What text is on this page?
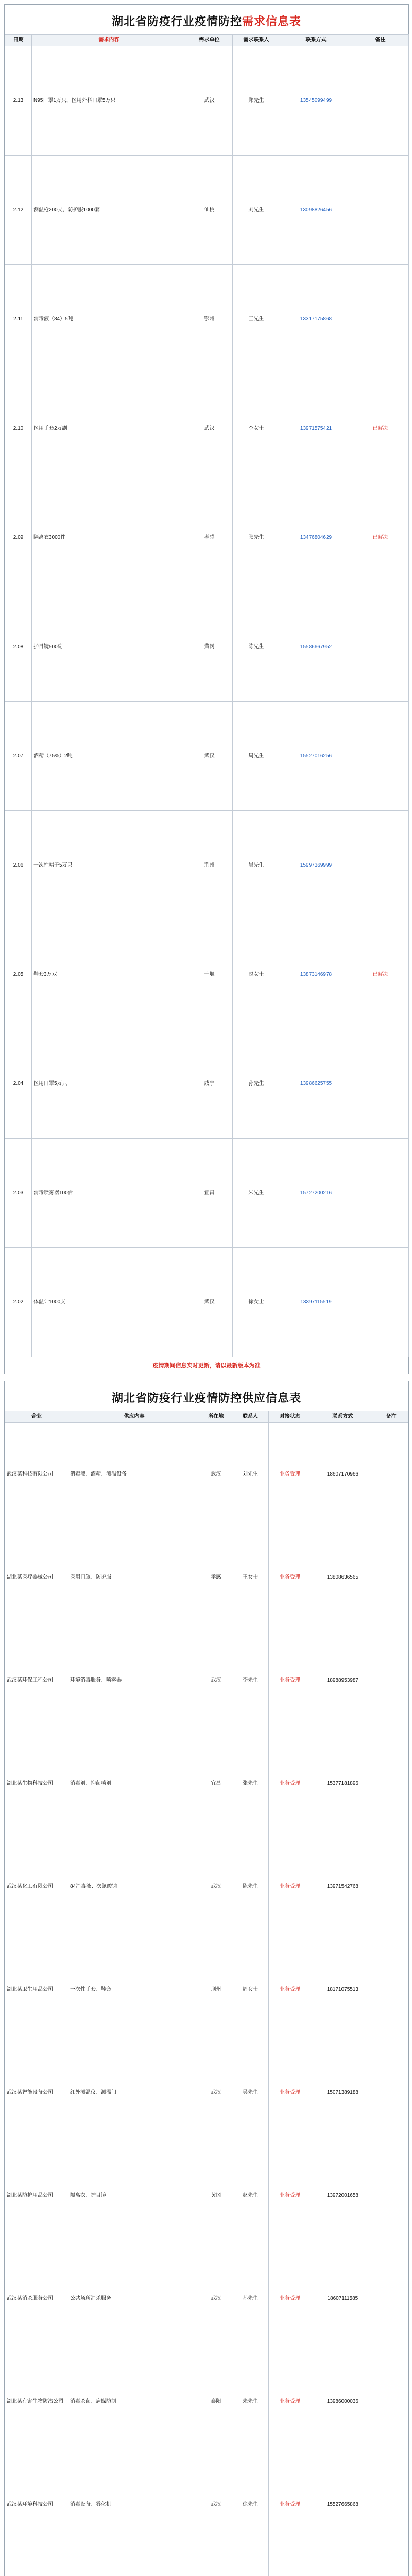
湖北省防疫行业疫情防控需求信息表
日期	需求内容	需求单位	需求联系人	联系方式	备注
2.13	N95口罩1万只，医用外科口罩5万只	武汉	郑先生	13545099499	
2.12	测温枪200支，防护服1000套	仙桃	刘先生	13098826456	
2.11	消毒液（84）5吨	鄂州	王先生	13317175868	
2.10	医用手套2万副	武汉	李女士	13971575421	已解决
2.09	隔离衣3000件	孝感	张先生	13476804629	已解决
2.08	护目镜500副	黄冈	陈先生	15586667952	
2.07	酒精（75%）2吨	武汉	周先生	15527016256	
2.06	一次性帽子5万只	荆州	吴先生	15997369999	
2.05	鞋套3万双	十堰	赵女士	13873146978	已解决
2.04	医用口罩5万只	咸宁	孙先生	13986625755	
2.03	消毒喷雾器100台	宜昌	朱先生	15727200216	
2.02	体温计1000支	武汉	徐女士	13397115519	
疫情期间信息实时更新，请以最新版本为准
湖北省防疫行业疫情防控供应信息表
企业	供应内容	所在地	联系人	对接状态	联系方式	备注
武汉某科技有限公司	消毒液、酒精、测温设备	武汉	刘先生	业务受理	18607170966	
湖北某医疗器械公司	医用口罩、防护服	孝感	王女士	业务受理	13808636565	
武汉某环保工程公司	环境消毒服务、喷雾器	武汉	李先生	业务受理	18988953987	
湖北某生物科技公司	消毒剂、抑菌喷剂	宜昌	张先生	业务受理	15377181896	
武汉某化工有限公司	84消毒液、次氯酸钠	武汉	陈先生	业务受理	13971542768	
湖北某卫生用品公司	一次性手套、鞋套	荆州	周女士	业务受理	18171075513	
武汉某智能设备公司	红外测温仪、测温门	武汉	吴先生	业务受理	15071389188	
湖北某防护用品公司	隔离衣、护目镜	黄冈	赵先生	业务受理	13972001658	
武汉某消杀服务公司	公共场所消杀服务	武汉	孙先生	业务受理	18607111585	
湖北某有害生物防治公司	消毒杀菌、病媒防制	襄阳	朱先生	业务受理	13986000036	
武汉某环境科技公司	消毒设备、雾化机	武汉	徐先生	业务受理	15527665868	
